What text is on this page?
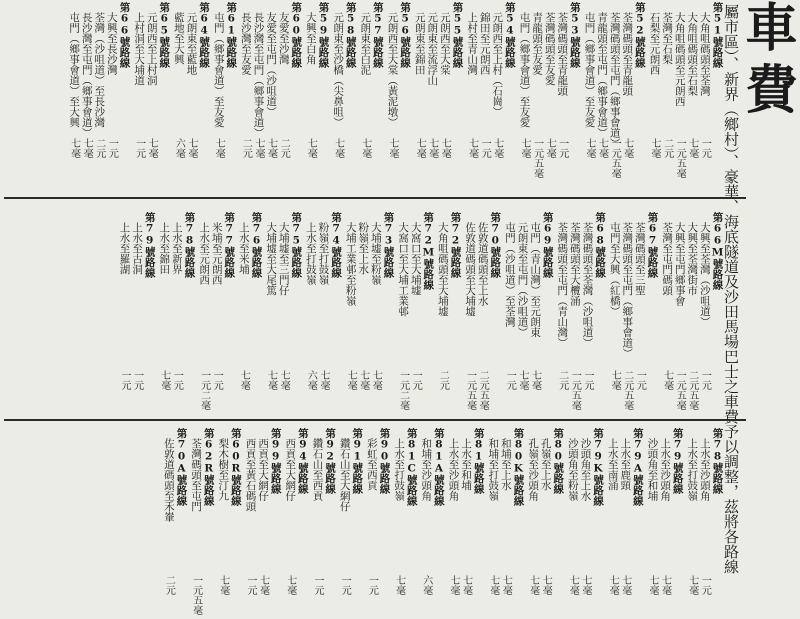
車費
屬市區）、新界（鄉村）、豪華、海底隧道及沙田馬場巴士之車費予以調整，茲將各路線
第51號路線
大角咀碼頭至荃灣
一元
大角咀碼頭至石梨
七毫
大角咀碼頭至元朗西
一元五毫
荃灣至石梨
二元
石梨至元朗西
七毫
第52號路線
荃灣碼頭至青龍頭
七毫
荃灣碼頭至屯門（鄉事會道）
一元五毫
青龍頭至屯門（鄉事會道）
七毫
屯門（鄉事會道）至友愛
七毫
第53號路線
荃灣碼頭至青龍頭
一元
荃灣碼頭至友愛
七毫
青龍頭至友愛
一元五毫
屯門（鄉事會道）至友愛
七毫
第54號路線
元朗西至上村（石崗）
七毫
錦田至元朗西
一元
上村至青山灣
七毫
第55號路線
元朗西至大棠
七毫
元朗東至流浮山
七毫
元朗東至錦田
七毫
第56號路線
元朗西至大棠（黃泥墩）
七毫
第57號路線
元朗東至白泥
七毫
第58號路線
元朗東至沙橋（尖鼻咀）
七毫
第59號路線
大興至白角
七毫
第60號路線
友愛至沙灣
二元
友愛至屯門（沙咀道）
七毫
長沙灣至屯門（鄉事會道）
七毫
長沙灣至友愛
二元
第61號路線
屯門（鄉事會道）至友愛
七毫
第64號路線
元朗東至藍地
七毫
藍地至大興
六毫
第65號路線
元朗西至上村洞
七毫
上村洞至大埔道
一元
第66號路線
大興至長沙灣
一元
荃灣（沙咀道）至長沙灣
二元
長沙灣至屯門（鄉事會道）
七毫
屯門（鄉事會道）至大興
七毫
第66M號路線
大興至荃灣（沙咀道）
一元
大興至荃灣街市
二元五毫
大興至屯門鄉事會
一元五毫
荃灣至屯門碼頭
七毫
第67號路線
荃灣碼頭至三聖
一元
荃灣碼頭至屯門（鄉事會道）
二元五毫
屯門至大興（紅橋）
七毫
第68號路線
荃灣碼頭至荃灣（沙咀道）
一元
荃灣碼頭至大欖涌
一元五毫
荃灣碼頭至屯門（青山灣）
二元
第69號路線
屯門（青山灣）至元朗東
七毫
元朗東至屯門（沙咀道）
七毫
屯門（沙咀道）至荃灣
一元
第70號路線
佐敦道碼頭至上水
二元五毫
佐敦道碼頭至大埔墟
一元五毫
第72號路線
大角咀碼頭至大埔墟
二元
第72M號路線
大窩口至大埔墟
一元
大窩口至大埔工業邨
一元二毫
第73號路線
大埔墟至粉嶺
七毫
粉嶺至上水
七毫
大埔工業邨至粉嶺
七毫
第74號路線
粉嶺至打鼓嶺
七毫
上水至打鼓嶺
六毫
第75號路線
大埔墟至三門仔
七毫
大埔墟至大尾篤
七毫
第76號路線
上水至米埔
七毫
第77號路線
米埔至元朗西
一元
上水至元朗西
一元二毫
第78號路線
上水至新界
一元
上水至錦田
七毫
第79號路線
上水至古洞
一元
上水至羅湖
一元
第78號路線
上水至沙頭角
一元
上水至打鼓嶺
七毫
第79號路線
上水至沙頭角
七毫
沙頭角至和埔
七毫
第79A號路線
上水至鹿頸
七毫
上水至南涌
七毫
第79K號路線
沙頭角至上水
七毫
沙頭角至粉嶺
七毫
第80號路線
孔嶺至上水
七毫
孔嶺至沙頭角
七毫
第80K號路線
和埔至上水
七毫
和埔至打鼓嶺
七毫
第81號路線
上水至和埔
七毫
上水至沙頭角
七毫
第81A號路線
和埔至沙頭角
六毫
第81C號路線
上水至打鼓嶺
七毫
第90號路線
彩虹至西貢
一元
第91號路線
鑽石山至大網仔
一元
第92號路線
鑽石山至西貢
一元
第94號路線
西貢至大網仔
七毫
第99號路線
西貢至大網仔
七毫
西貢至黃石碼頭
一元
第60R號路線
梨木樹至汀九
七毫
第62R號路線
荃灣碼頭至屯門
一元五毫
第70A號路線
佐敦道碼頭至禾輋
二元
